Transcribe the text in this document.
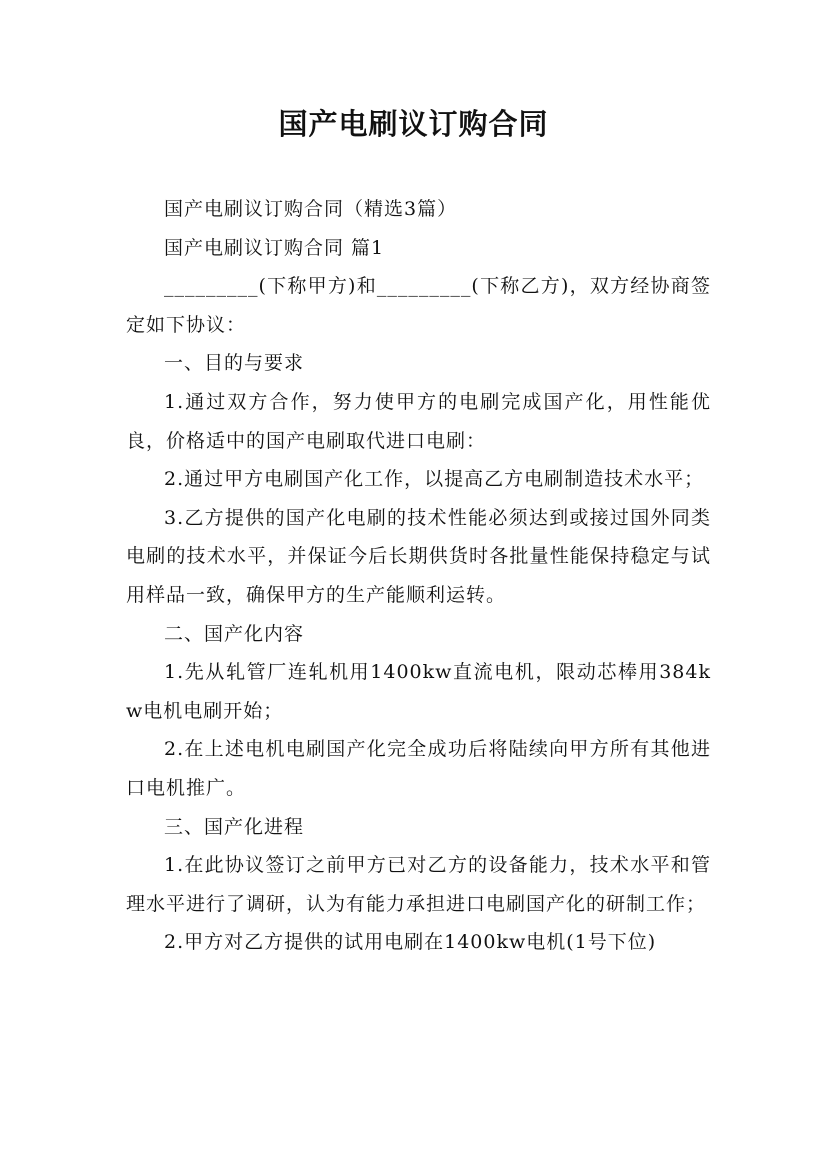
国产电刷议订购合同

国产电刷议订购合同（精选3篇）

国产电刷议订购合同 篇1

_________(下称甲方)和_________(下称乙方)，双方经协商签定如下协议：

一、目的与要求

1.通过双方合作，努力使甲方的电刷完成国产化，用性能优良，价格适中的国产电刷取代进口电刷：

2.通过甲方电刷国产化工作，以提高乙方电刷制造技术水平；

3.乙方提供的国产化电刷的技术性能必须达到或接过国外同类电刷的技术水平，并保证今后长期供货时各批量性能保持稳定与试用样品一致，确保甲方的生产能顺利运转。

二、国产化内容

1.先从轧管厂连轧机用1400kw直流电机，限动芯棒用384kw电机电刷开始；

2.在上述电机电刷国产化完全成功后将陆续向甲方所有其他进口电机推广。

三、国产化进程

1.在此协议签订之前甲方已对乙方的设备能力，技术水平和管理水平进行了调研，认为有能力承担进口电刷国产化的研制工作；

2.甲方对乙方提供的试用电刷在1400kw电机(1号下位)
